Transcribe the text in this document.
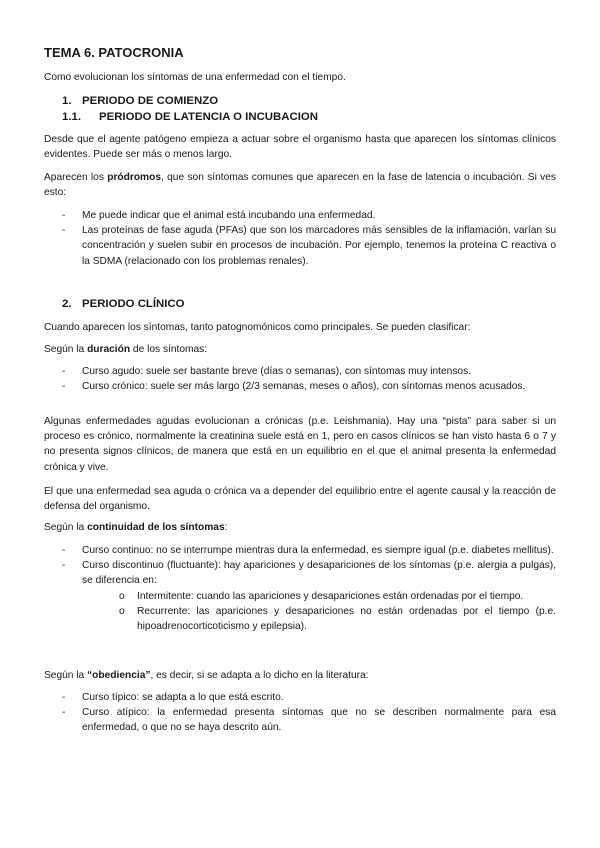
TEMA 6. PATOCRONIA

Como evolucionan los síntomas de una enfermedad con el tiempo.

1. PERIODO DE COMIENZO

1.1. PERIODO DE LATENCIA O INCUBACION

Desde que el agente patógeno empieza a actuar sobre el organismo hasta que aparecen los síntomas clínicos evidentes. Puede ser más o menos largo.

Aparecen los pródromos, que son síntomas comunes que aparecen en la fase de latencia o incubación. Si ves esto:

- Me puede indicar que el animal está incubando una enfermedad.
- Las proteínas de fase aguda (PFAs) que son los marcadores más sensibles de la inflamación, varían su concentración y suelen subir en procesos de incubación. Por ejemplo, tenemos la proteína C reactiva o la SDMA (relacionado con los problemas renales).

2. PERIODO CLÍNICO

Cuando aparecen los síntomas, tanto patognomónicos como principales. Se pueden clasificar:

Según la duración de los síntomas:

- Curso agudo: suele ser bastante breve (días o semanas), con síntomas muy intensos.
- Curso crónico: suele ser más largo (2/3 semanas, meses o años), con síntomas menos acusados.

Algunas enfermedades agudas evolucionan a crónicas (p.e. Leishmania). Hay una “pista” para saber si un proceso es crónico, normalmente la creatinina suele está en 1, pero en casos clínicos se han visto hasta 6 o 7 y no presenta signos clínicos, de manera que está en un equilibrio en el que el animal presenta la enfermedad crónica y vive.

El que una enfermedad sea aguda o crónica va a depender del equilibrio entre el agente causal y la reacción de defensa del organismo.

Según la continuidad de los síntomas:

- Curso continuo: no se interrumpe mientras dura la enfermedad, es siempre igual (p.e. diabetes mellitus).
- Curso discontinuo (fluctuante): hay apariciones y desapariciones de los síntomas (p.e. alergia a pulgas), se diferencia en:
o Intermitente: cuando las apariciones y desapariciones están ordenadas por el tiempo.
o Recurrente: las apariciones y desapariciones no están ordenadas por el tiempo (p.e. hipoadrenocorticoticismo y epilepsia).

Según la “obediencia”, es decir, si se adapta a lo dicho en la literatura:

- Curso típico: se adapta a lo que está escrito.
- Curso atípico: la enfermedad presenta síntomas que no se describen normalmente para esa enfermedad, o que no se haya descrito aún.
